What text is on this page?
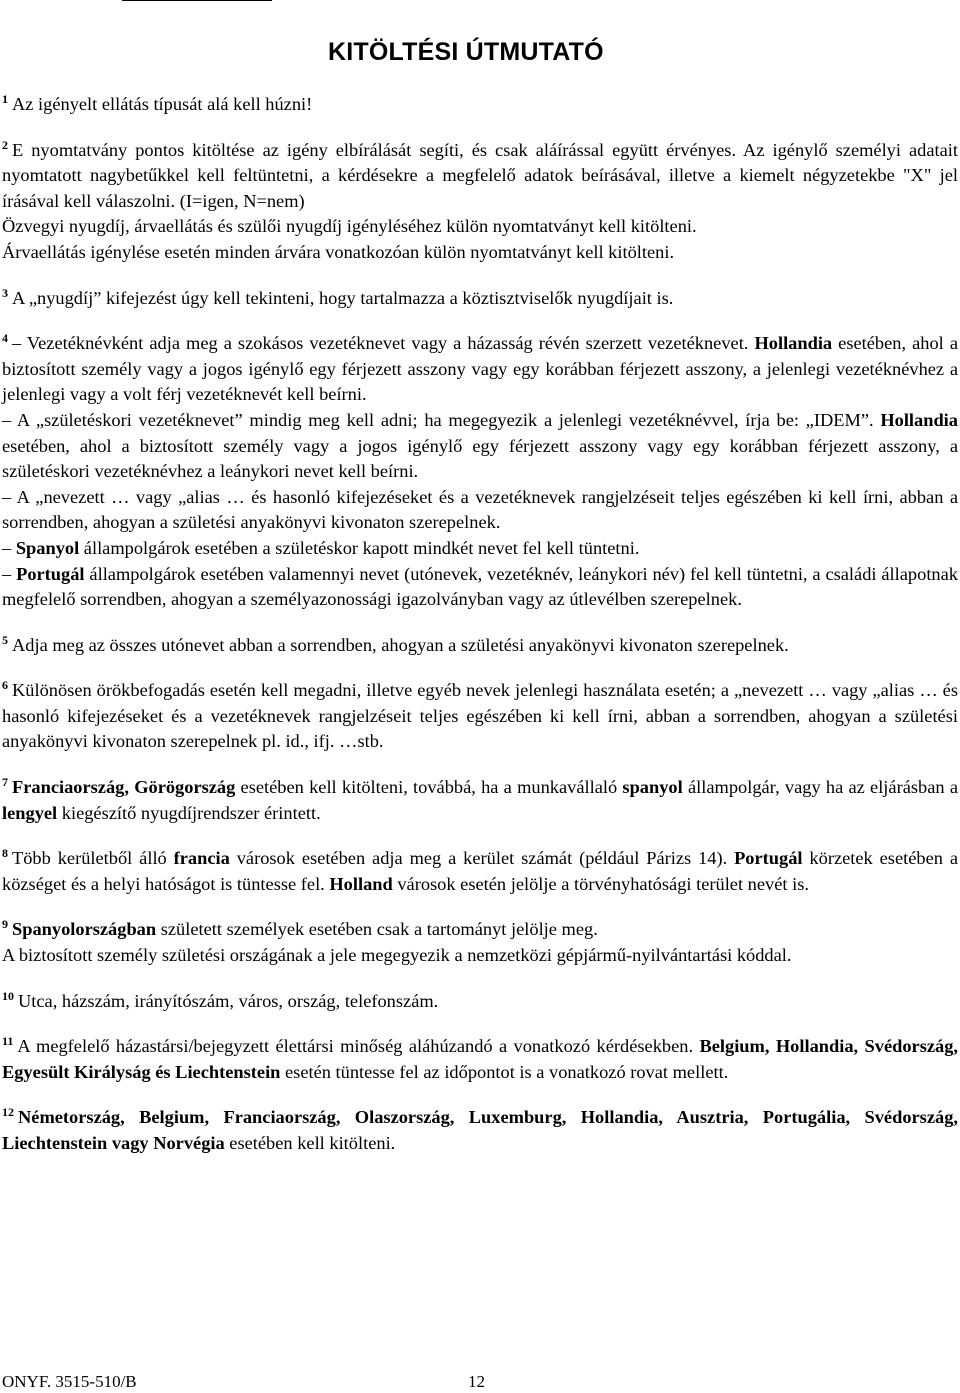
KITÖLTÉSI ÚTMUTATÓ

$^1$ Az igényelt ellátás típusát alá kell húzni!

$^2$ E nyomtatvány pontos kitöltése az igény elbírálását segíti, és csak aláírással együtt érvényes. Az igénylő személyi adatait nyomtatott nagybetűkkel kell feltüntetni, a kérdésekre a megfelelő adatok beírásával, illetve a kiemelt négyzetekbe "X" jel írásával kell válaszolni. (I=igen, N=nem)

Özvegyi nyugdíj, árvaellátás és szülői nyugdíj igényléséhez külön nyomtatványt kell kitölteni.

Árvaellátás igénylése esetén minden árvára vonatkozóan külön nyomtatványt kell kitölteni.

$^3$ A „nyugdíj” kifejezést úgy kell tekinteni, hogy tartalmazza a köztisztviselők nyugdíjait is.

$^4$ – Vezetéknévként adja meg a szokásos vezetéknevet vagy a házasság révén szerzett vezetéknevet. Hollandia esetében, ahol a biztosított személy vagy a jogos igénylő egy férjezett asszony vagy egy korábban férjezett asszony, a jelenlegi vezetéknévhez a jelenlegi vagy a volt férj vezetéknevét kell beírni.

– A „születéskori vezetéknevet” mindig meg kell adni; ha megegyezik a jelenlegi vezetéknévvel, írja be: „IDEM”. Hollandia esetében, ahol a biztosított személy vagy a jogos igénylő egy férjezett asszony vagy egy korábban férjezett asszony, a születéskori vezetéknévhez a leánykori nevet kell beírni.

– A „nevezett … vagy „alias … és hasonló kifejezéseket és a vezetéknevek rangjelzéseit teljes egészében ki kell írni, abban a sorrendben, ahogyan a születési anyakönyvi kivonaton szerepelnek.

– Spanyol állampolgárok esetében a születéskor kapott mindkét nevet fel kell tüntetni.

– Portugál állampolgárok esetében valamennyi nevet (utónevek, vezetéknév, leánykori név) fel kell tüntetni, a családi állapotnak megfelelő sorrendben, ahogyan a személyazonossági igazolványban vagy az útlevélben szerepelnek.

$^5$ Adja meg az összes utónevet abban a sorrendben, ahogyan a születési anyakönyvi kivonaton szerepelnek.

$^6$ Különösen örökbefogadás esetén kell megadni, illetve egyéb nevek jelenlegi használata esetén; a „nevezett … vagy „alias … és hasonló kifejezéseket és a vezetéknevek rangjelzéseit teljes egészében ki kell írni, abban a sorrendben, ahogyan a születési anyakönyvi kivonaton szerepelnek pl. id., ifj. …stb.

$^7$ Franciaország, Görögország esetében kell kitölteni, továbbá, ha a munkavállaló spanyol állampolgár, vagy ha az eljárásban a lengyel kiegészítő nyugdíjrendszer érintett.

$^8$ Több kerületből álló francia városok esetében adja meg a kerület számát (például Párizs 14). Portugál körzetek esetében a községet és a helyi hatóságot is tüntesse fel. Holland városok esetén jelölje a törvényhatósági terület nevét is.

$^9$ Spanyolországban született személyek esetében csak a tartományt jelölje meg.

A biztosított személy születési országának a jele megegyezik a nemzetközi gépjármű-nyilvántartási kóddal.

$^{10}$ Utca, házszám, irányítószám, város, ország, telefonszám.

$^{11}$ A megfelelő házastársi/bejegyzett élettársi minőség aláhúzandó a vonatkozó kérdésekben. Belgium, Hollandia, Svédország, Egyesült Királyság és Liechtenstein esetén tüntesse fel az időpontot is a vonatkozó rovat mellett.

$^{12}$ Németország, Belgium, Franciaország, Olaszország, Luxemburg, Hollandia, Ausztria, Portugália, Svédország, Liechtenstein vagy Norvégia esetében kell kitölteni.

ONYF. 3515-510/B	12
